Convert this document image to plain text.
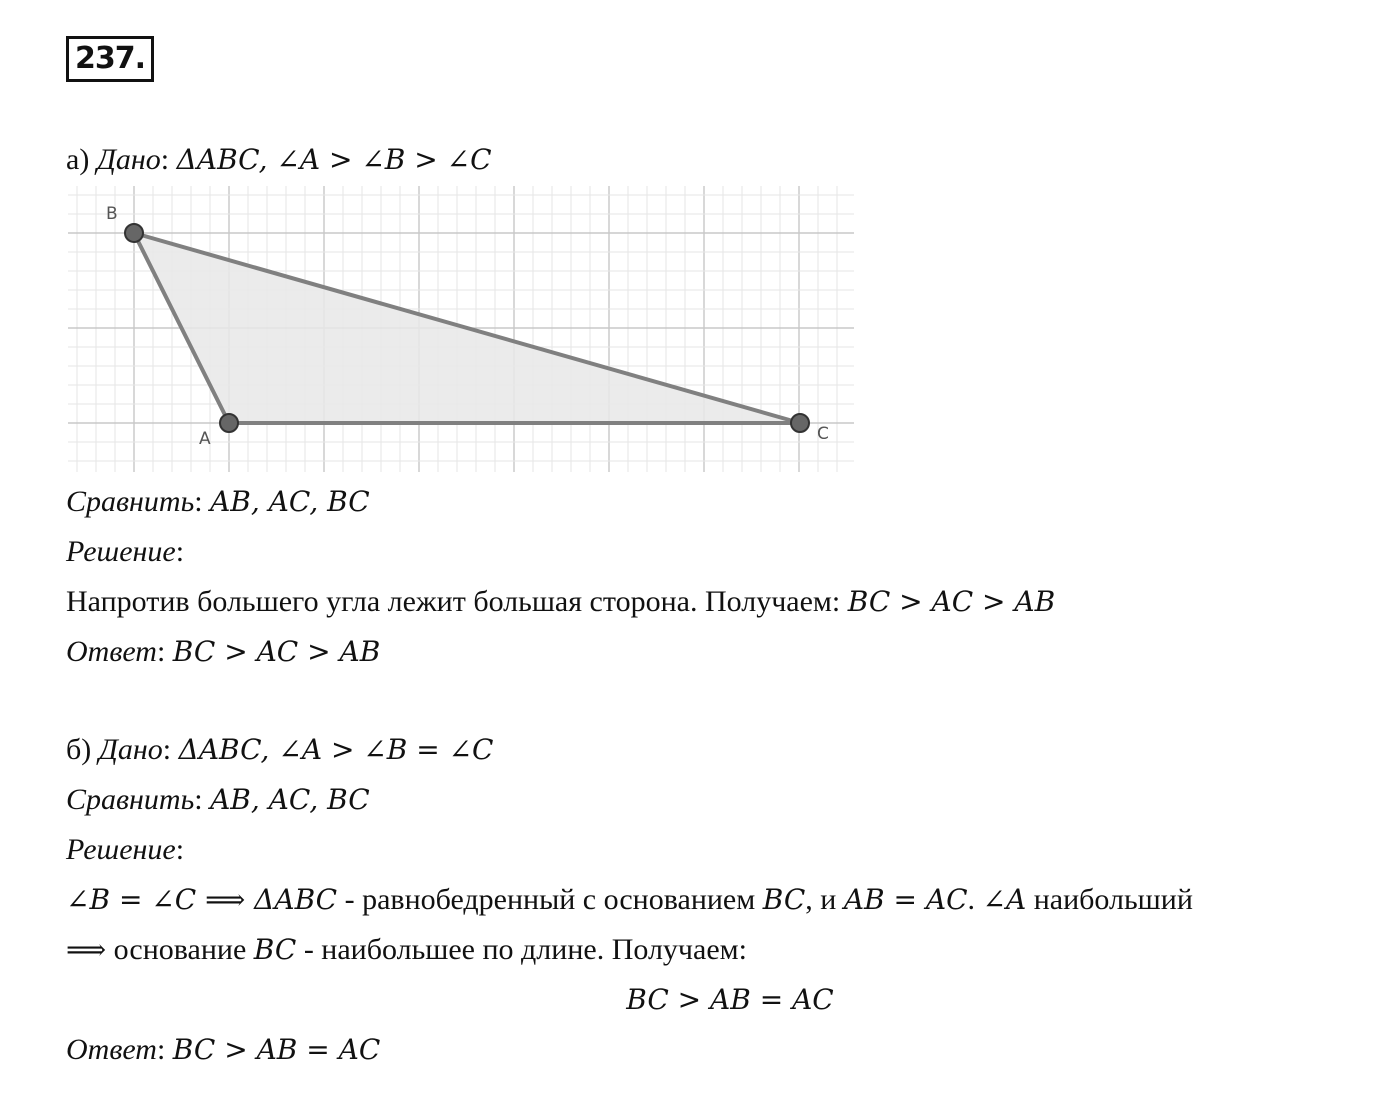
237.
а) Дано: ΔABC, ∠A > ∠B > ∠C
A
B
C
Сравнить: AB, AC, BC
Решение:
Напротив большего угла лежит большая сторона. Получаем: BC > AC > AB
Ответ: BC > AC > AB
б) Дано: ΔABC, ∠A > ∠B = ∠C
Сравнить: AB, AC, BC
Решение:
∠B = ∠C ⟹ ΔABC - равнобедренный с основанием BC, и AB = AC. ∠A наибольший
⟹ основание BC - наибольшее по длине. Получаем:
BC > AB = AC
Ответ: BC > AB = AC
